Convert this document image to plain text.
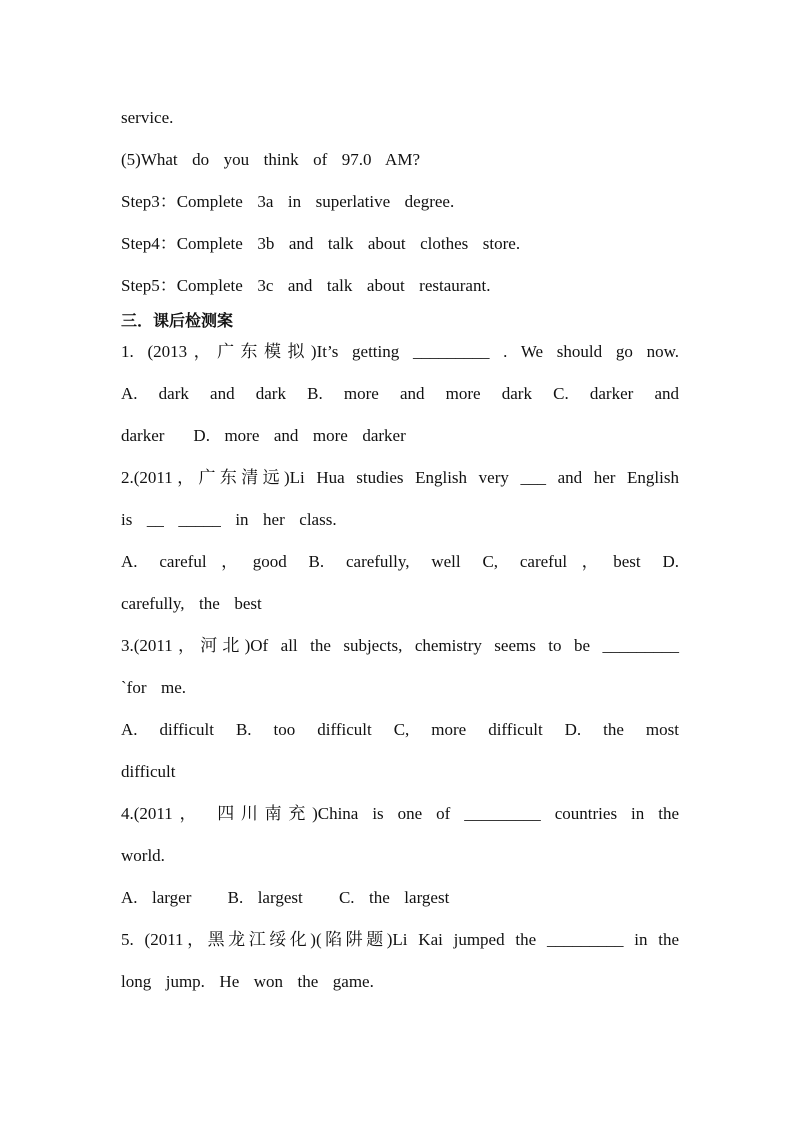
service.
(5)What  do  you  think  of  97.0  AM?
Step3：Complete  3a  in  superlative  degree.
Step4：Complete  3b  and  talk  about  clothes  store.
Step5：Complete  3c  and  talk  about  restaurant.
三．课后检测案
1. (2013，广东模拟)It’s getting _________ . We should go now.
A. dark and dark B. more and more dark C. darker and
darker    D.  more  and  more  darker
2.(2011，广东清远)Li Hua studies English very ___ and her English
is  __  _____  in  her  class.
A. careful，good B. carefully, well C, careful，best D.
carefully,  the  best
3.(2011，河北)Of all the subjects, chemistry seems to be _________
`for  me.
A. difficult B. too difficult C, more difficult D. the most
difficult
4.(2011， 四川南充)China is one of _________ countries in the
world.
A.  larger     B.  largest     C.  the  largest
5. (2011，黑龙江绥化)(陷阱题)Li Kai jumped the _________ in the
long  jump.  He  won  the  game.
